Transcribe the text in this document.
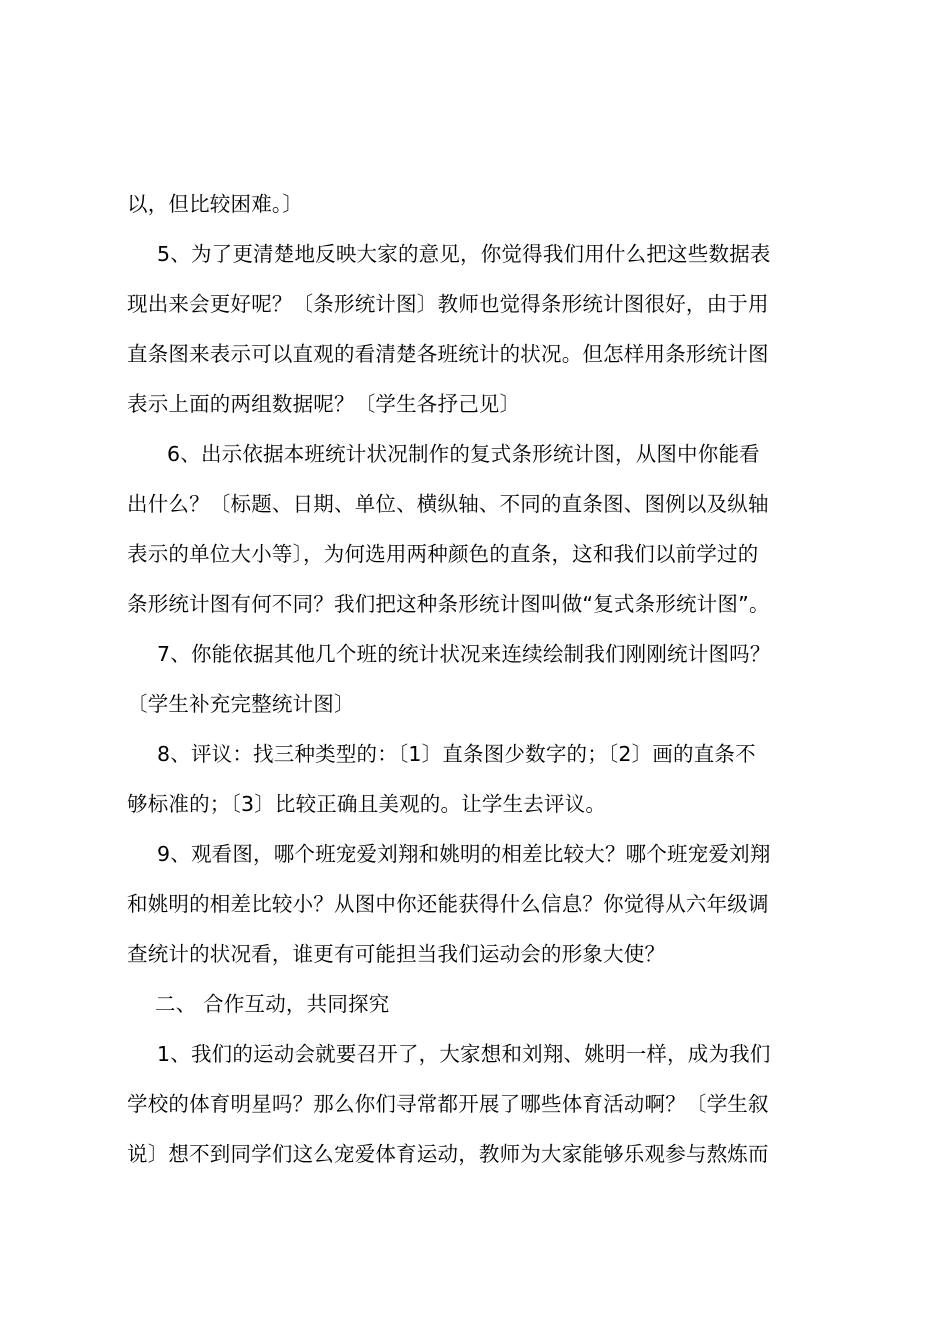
以，但比较困难。〕
5、为了更清楚地反映大家的意见，你觉得我们用什么把这些数据表
现出来会更好呢？〔条形统计图〕教师也觉得条形统计图很好，由于用
直条图来表示可以直观的看清楚各班统计的状况。但怎样用条形统计图
表示上面的两组数据呢？〔学生各抒己见〕
6、出示依据本班统计状况制作的复式条形统计图，从图中你能看
出什么？〔标题、日期、单位、横纵轴、不同的直条图、图例以及纵轴
表示的单位大小等〕，为何选用两种颜色的直条，这和我们以前学过的
条形统计图有何不同？我们把这种条形统计图叫做“复式条形统计图”。
7、你能依据其他几个班的统计状况来连续绘制我们刚刚统计图吗？
〔学生补充完整统计图〕
8、评议：找三种类型的：〔1〕直条图少数字的；〔2〕画的直条不
够标准的；〔3〕比较正确且美观的。让学生去评议。
9、观看图，哪个班宠爱刘翔和姚明的相差比较大？哪个班宠爱刘翔
和姚明的相差比较小？从图中你还能获得什么信息？你觉得从六年级调
查统计的状况看，谁更有可能担当我们运动会的形象大使？
二、 合作互动，共同探究
1、我们的运动会就要召开了，大家想和刘翔、姚明一样，成为我们
学校的体育明星吗？那么你们寻常都开展了哪些体育活动啊？〔学生叙
说〕想不到同学们这么宠爱体育运动，教师为大家能够乐观参与熬炼而
